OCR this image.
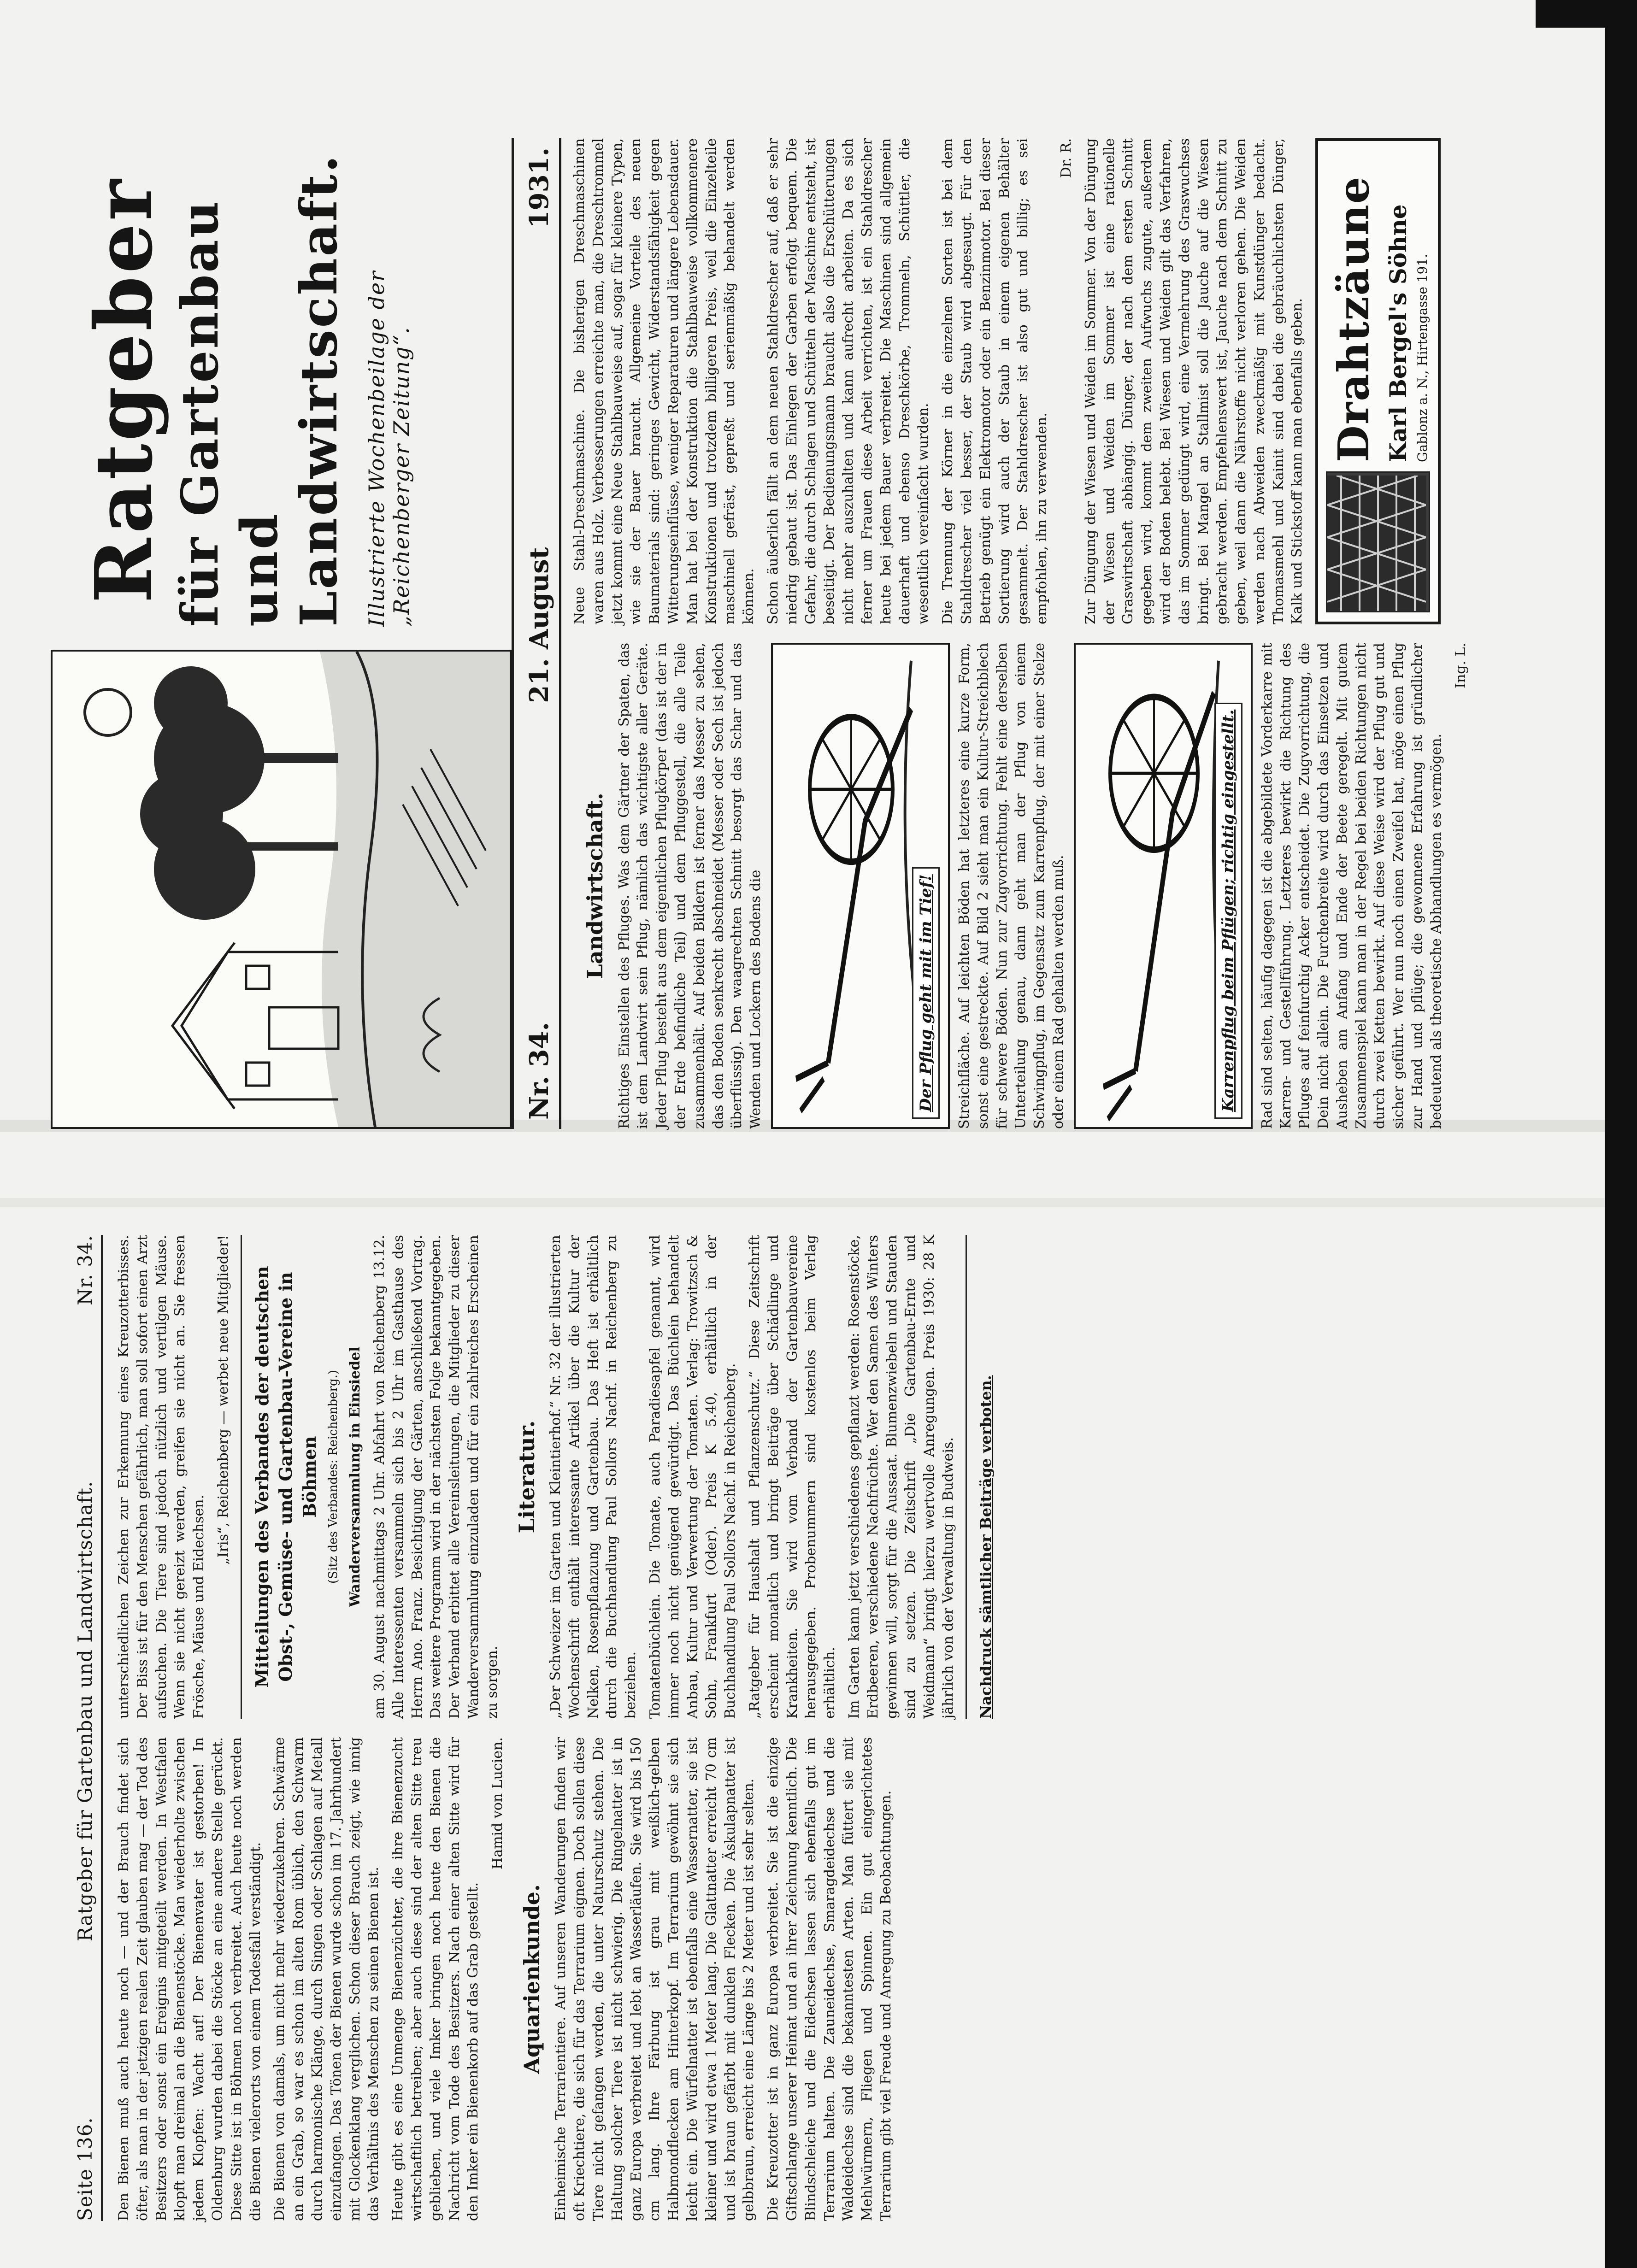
Ratgeber für Gartenbau und Landwirtschaft. Illustrierte Wochenbeilage der „Reichenberger Zeitung“.
Nr. 34.
21. August
1931.
Landwirtschaft. Richtiges Einstellen des Pfluges. Was dem Gärtner der Spaten, das ist dem Landwirt sein Pflug, nämlich das wichtigste aller Geräte. Jeder Pflug besteht aus dem eigentlichen Pflugkörper (das ist der in der Erde befindliche Teil) und dem Pfluggestell, die alle Teile zusammenhält. Auf beiden Bildern ist ferner das Messer zu sehen, das den Boden senkrecht abschneidet (Messer oder Sech ist jedoch überflüssig). Den waagrechten Schnitt besorgt das Schar und das Wenden und Lockern des Bodens die	Der Pflug geht mit im Tief!	Streichfläche. Auf leichten Böden hat letzteres eine kurze Form, sonst eine gestreckte. Auf Bild 2 sieht man ein Kultur-Streichblech für schwere Böden. Nun zur Zugvorrichtung. Fehlt eine derselben Unterteilung genau, dann geht man der Pflug von einem Schwingpflug, im Gegensatz zum Karrenpflug, der mit einer Stelze oder einem Rad gehalten werden muß.	Karrenpflug beim Pflügen; richtig eingestellt.	Rad sind selten, häufig dagegen ist die abgebildete Vorderkarre mit Karren- und Gestellführung. Letzteres bewirkt die Richtung des Pfluges auf feinfurchig Acker entscheidet. Die Zugvorrichtung, die Dein nicht allein. Die Furchenbreite wird durch das Einsetzen und Ausheben am Anfang und Ende der Beete geregelt. Mit gutem Zusammenspiel kann man in der Regel bei beiden Richtungen nicht durch zwei Ketten bewirkt. Auf diese Weise wird der Pflug gut und sicher geführt. Wer nun noch einen Zweifel hat, möge einen Pflug zur Hand und pflüge; die gewonnene Erfahrung ist gründlicher bedeutend als theoretische Abhandlungen es vermögen.

Ing. L.

Neue Stahl-Dreschmaschine. Die bisherigen Dreschmaschinen waren aus Holz. Verbesserungen erreichte man, die Dreschtrommel jetzt kommt eine Neue Stahlbauweise auf, sogar für kleinere Typen, wie sie der Bauer braucht. Allgemeine Vorteile des neuen Baumaterials sind: geringes Gewicht, Widerstandsfähigkeit gegen Witterungseinflüsse, weniger Reparaturen und längere Lebensdauer. Man hat bei der Konstruktion die Stahlbauweise vollkommenere Konstruktionen und trotzdem billigeren Preis, weil die Einzelteile maschinell gefräst, gepreßt und serienmäßig behandelt werden können. Schon äußerlich fällt an dem neuen Stahldrescher auf, daß er sehr niedrig gebaut ist. Das Einlegen der Garben erfolgt bequem. Die Gefahr, die durch Schlagen und Schütteln der Maschine entsteht, ist beseitigt. Der Bedienungsmann braucht also die Erschütterungen nicht mehr auszuhalten und kann aufrecht arbeiten. Da es sich ferner um Frauen diese Arbeit verrichten, ist ein Stahldrescher heute bei jedem Bauer verbreitet. Die Maschinen sind allgemein dauerhaft und ebenso Dreschkörbe, Trommeln, Schüttler, die wesentlich vereinfacht wurden. Die Trennung der Körner in die einzelnen Sorten ist bei dem Stahldrescher viel besser, der Staub wird abgesaugt. Für den Betrieb genügt ein Elektromotor oder ein Benzinmotor. Bei dieser Sortierung wird auch der Staub in einem eigenen Behälter gesammelt. Der Stahldrescher ist also gut und billig; es sei empfohlen, ihn zu verwenden.

Dr. R. Zur Düngung der Wiesen und Weiden im Sommer. Von der Düngung der Wiesen und Weiden im Sommer ist eine rationelle Graswirtschaft abhängig. Dünger, der nach dem ersten Schnitt gegeben wird, kommt dem zweiten Aufwuchs zugute, außerdem wird der Boden belebt. Bei Wiesen und Weiden gilt das Verfahren, das im Sommer gedüngt wird, eine Vermehrung des Graswuchses bringt. Bei Mangel an Stallmist soll die Jauche auf die Wiesen gebracht werden. Empfehlenswert ist, Jauche nach dem Schnitt zu geben, weil dann die Nährstoffe nicht verloren gehen. Die Weiden werden nach Abweiden zweckmäßig mit Kunstdünger bedacht. Thomasmehl und Kainit sind dabei die gebräuchlichsten Dünger, Kalk und Stickstoff kann man ebenfalls geben. Drahtzäune Karl Bergel's Söhne Gablonz a. N., Hirtengasse 191.
Seite 136.
Ratgeber für Gartenbau und Landwirtschaft.
Nr. 34.

Den Bienen muß auch heute noch — und der Brauch findet sich öfter, als man in der jetzigen realen Zeit glauben mag — der Tod des Besitzers oder sonst ein Ereignis mitgeteilt werden. In Westfalen klopft man dreimal an die Bienenstöcke. Man wiederholte zwischen jedem Klopfen: Wacht auf! Der Bienenvater ist gestorben! In Oldenburg wurden dabei die Stöcke an eine andere Stelle gerückt. Diese Sitte ist in Böhmen noch verbreitet. Auch heute noch werden die Bienen vielerorts von einem Todesfall verständigt. Die Bienen von damals, um nicht mehr wiederzukehren. Schwärme an ein Grab, so war es schon im alten Rom üblich, den Schwarm durch harmonische Klänge, durch Singen oder Schlagen auf Metall einzufangen. Das Tönen der Bienen wurde schon im 17. Jahrhundert mit Glockenklang verglichen. Schon dieser Brauch zeigt, wie innig das Verhältnis des Menschen zu seinen Bienen ist. Heute gibt es eine Unmenge Bienenzüchter, die ihre Bienenzucht wirtschaftlich betreiben; aber auch diese sind der alten Sitte treu geblieben, und viele Imker bringen noch heute den Bienen die Nachricht vom Tode des Besitzers. Nach einer alten Sitte wird für den Imker ein Bienenkorb auf das Grab gestellt.

Hamid von Lucien.

Aquarienkunde. Einheimische Terrarientiere. Auf unseren Wanderungen finden wir oft Kriechtiere, die sich für das Terrarium eignen. Doch sollen diese Tiere nicht gefangen werden, die unter Naturschutz stehen. Die Haltung solcher Tiere ist nicht schwierig. Die Ringelnatter ist in ganz Europa verbreitet und lebt an Wasserläufen. Sie wird bis 150 cm lang. Ihre Färbung ist grau mit weißlich-gelben Halbmondflecken am Hinterkopf. Im Terrarium gewöhnt sie sich leicht ein. Die Würfelnatter ist ebenfalls eine Wassernatter, sie ist kleiner und wird etwa 1 Meter lang. Die Glattnatter erreicht 70 cm und ist braun gefärbt mit dunklen Flecken. Die Äskulapnatter ist gelbbraun, erreicht eine Länge bis 2 Meter und ist sehr selten. Die Kreuzotter ist in ganz Europa verbreitet. Sie ist die einzige Giftschlange unserer Heimat und an ihrer Zeichnung kenntlich. Die Blindschleiche und die Eidechsen lassen sich ebenfalls gut im Terrarium halten. Die Zauneidechse, Smaragdeidechse und die Waldeidechse sind die bekanntesten Arten. Man füttert sie mit Mehlwürmern, Fliegen und Spinnen. Ein gut eingerichtetes Terrarium gibt viel Freude und Anregung zu Beobachtungen.

unterschiedlichen Zeichen zur Erkennung eines Kreuzotterbisses. Der Biss ist für den Menschen gefährlich, man soll sofort einen Arzt aufsuchen. Die Tiere sind jedoch nützlich und vertilgen Mäuse. Wenn sie nicht gereizt werden, greifen sie nicht an. Sie fressen Frösche, Mäuse und Eidechsen.

„Iris“, Reichenberg — werbet neue Mitglieder! Mitteilungen des Verbandes der deutschen Obst-, Gemüse- und Gartenbau-Vereine in Böhmen (Sitz des Verbandes: Reichenberg.) Wanderversammlung in Einsiedel am 30. August nachmittags 2 Uhr. Abfahrt von Reichenberg 13.12. Alle Interessenten versammeln sich bis 2 Uhr im Gasthause des Herrn Ano. Franz. Besichtigung der Gärten, anschließend Vortrag. Das weitere Programm wird in der nächsten Folge bekanntgegeben. Der Verband erbittet alle Vereinsleitungen, die Mitglieder zu dieser Wanderversammlung einzuladen und für ein zahlreiches Erscheinen zu sorgen.

Literatur. „Der Schweizer im Garten und Kleintierhof.“ Nr. 32 der illustrierten Wochenschrift enthält interessante Artikel über die Kultur der Nelken, Rosenpflanzung und Gartenbau. Das Heft ist erhältlich durch die Buchhandlung Paul Sollors Nachf. in Reichenberg zu beziehen. Tomatenbüchlein. Die Tomate, auch Paradiesapfel genannt, wird immer noch nicht genügend gewürdigt. Das Büchlein behandelt Anbau, Kultur und Verwertung der Tomaten. Verlag: Trowitzsch & Sohn, Frankfurt (Oder). Preis K 5.40, erhältlich in der Buchhandlung Paul Sollors Nachf. in Reichenberg. „Ratgeber für Haushalt und Pflanzenschutz.“ Diese Zeitschrift erscheint monatlich und bringt Beiträge über Schädlinge und Krankheiten. Sie wird vom Verband der Gartenbauvereine herausgegeben. Probenummern sind kostenlos beim Verlag erhältlich. Im Garten kann jetzt verschiedenes gepflanzt werden: Rosenstöcke, Erdbeeren, verschiedene Nachfrüchte. Wer den Samen des Winters gewinnen will, sorgt für die Aussaat. Blumenzwiebeln und Stauden sind zu setzen. Die Zeitschrift „Die Gartenbau-Ernte und Weidmann“ bringt hierzu wertvolle Anregungen. Preis 1930: 28 K jährlich von der Verwaltung in Budweis. Nachdruck sämtlicher Beiträge verboten.
